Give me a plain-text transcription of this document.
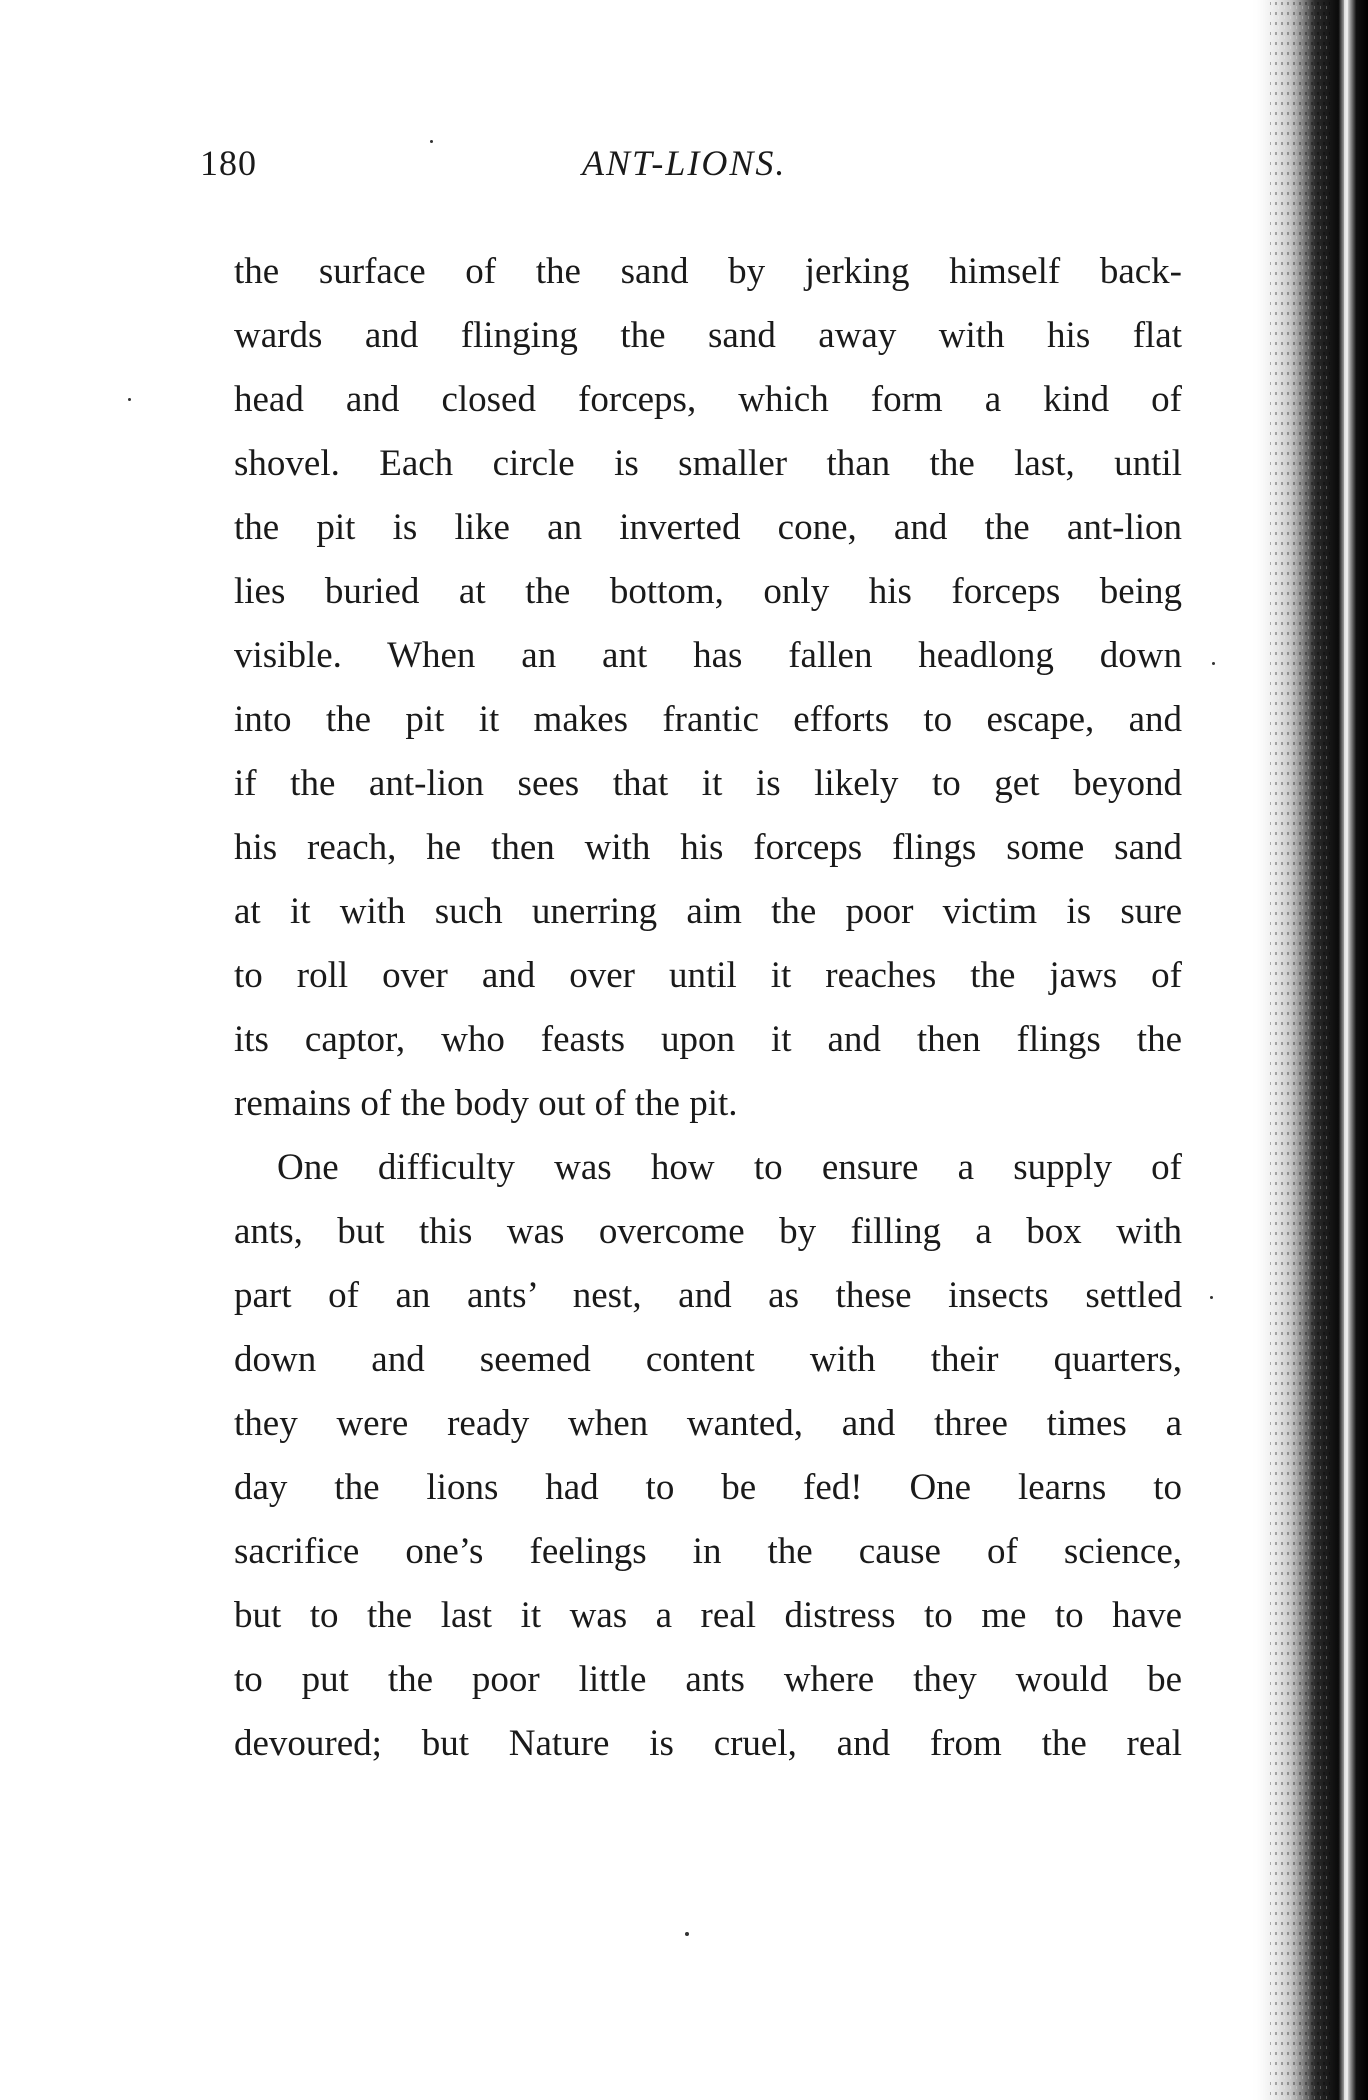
180	ANT-LIONS.

the surface of the sand by jerking himself back-

wards and flinging the sand away with his flat

head and closed forceps, which form a kind of

shovel. Each circle is smaller than the last, until

the pit is like an inverted cone, and the ant-lion

lies buried at the bottom, only his forceps being

visible. When an ant has fallen headlong down

into the pit it makes frantic efforts to escape, and

if the ant-lion sees that it is likely to get beyond

his reach, he then with his forceps flings some sand

at it with such unerring aim the poor victim is sure

to roll over and over until it reaches the jaws of

its captor, who feasts upon it and then flings the

remains of the body out of the pit.

One difficulty was how to ensure a supply of

ants, but this was overcome by filling a box with

part of an ants’ nest, and as these insects settled

down and seemed content with their quarters,

they were ready when wanted, and three times a

day the lions had to be fed! One learns to

sacrifice one’s feelings in the cause of science,

but to the last it was a real distress to me to have

to put the poor little ants where they would be

devoured; but Nature is cruel, and from the real
